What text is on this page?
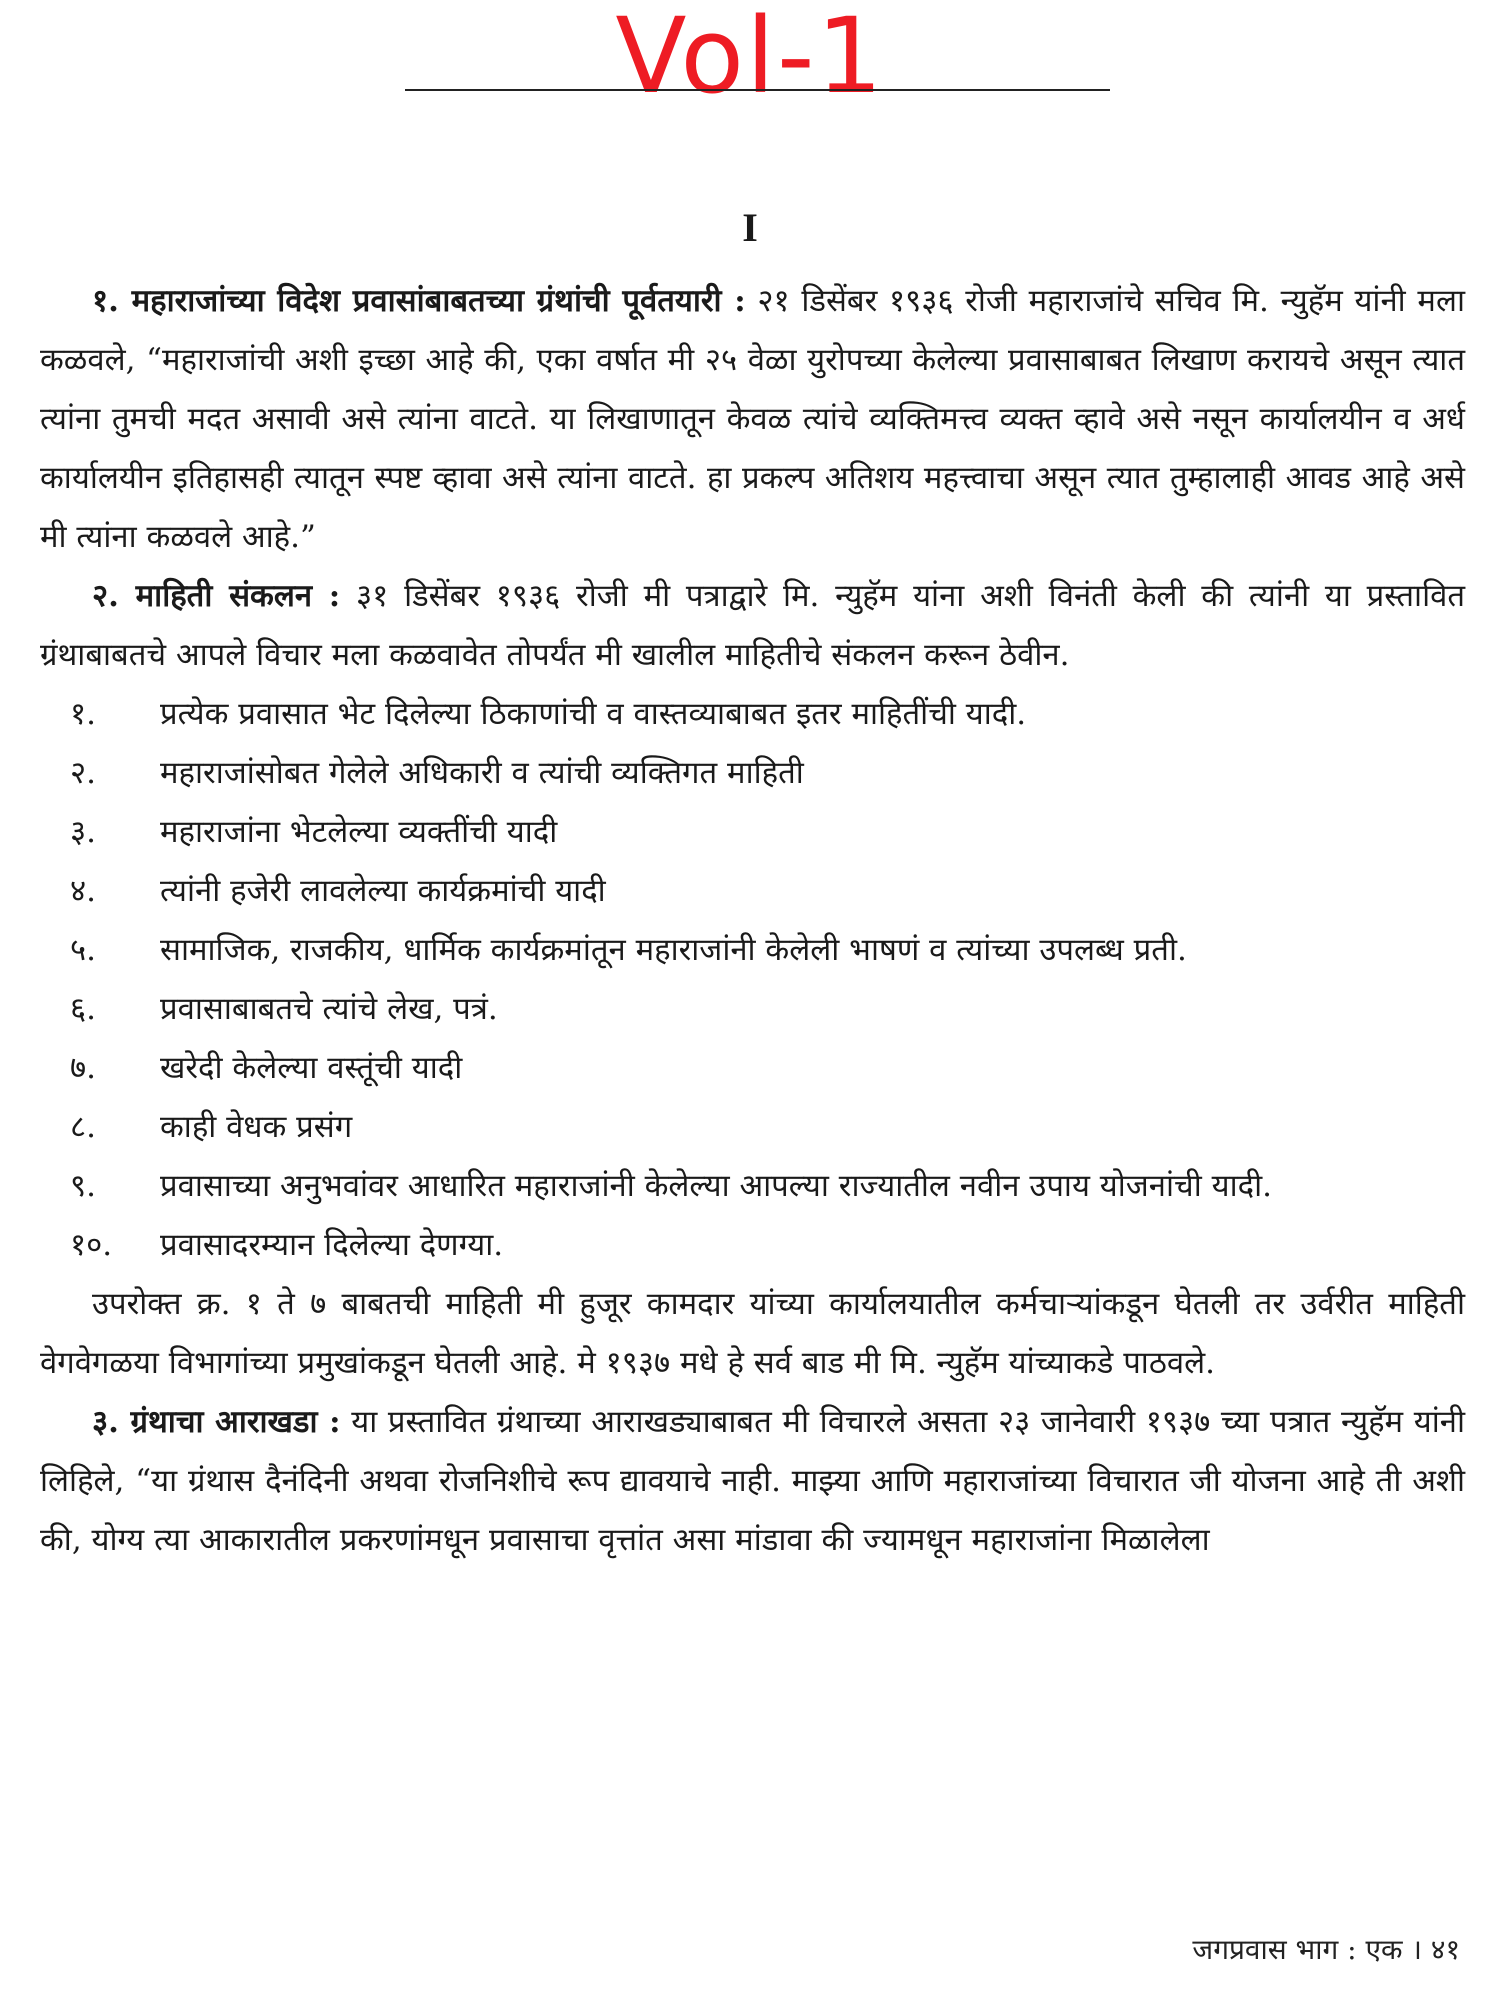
Vol-1
I

१. महाराजांच्या विदेश प्रवासांबाबतच्या ग्रंथांची पूर्वतयारी : २१ डिसेंबर १९३६ रोजी महाराजांचे सचिव मि. न्युहॅम यांनी मला कळवले, “महाराजांची अशी इच्छा आहे की, एका वर्षात मी २५ वेळा युरोपच्या केलेल्या प्रवासाबाबत लिखाण करायचे असून त्यात त्यांना तुमची मदत असावी असे त्यांना वाटते. या लिखाणातून केवळ त्यांचे व्यक्तिमत्त्व व्यक्त व्हावे असे नसून कार्यालयीन व अर्ध कार्यालयीन इतिहासही त्यातून स्पष्ट व्हावा असे त्यांना वाटते. हा प्रकल्प अतिशय महत्त्वाचा असून त्यात तुम्हालाही आवड आहे असे मी त्यांना कळवले आहे.”

२. माहिती संकलन : ३१ डिसेंबर १९३६ रोजी मी पत्राद्वारे मि. न्युहॅम यांना अशी विनंती केली की त्यांनी या प्रस्तावित ग्रंथाबाबतचे आपले विचार मला कळवावेत तोपर्यंत मी खालील माहितीचे संकलन करून ठेवीन.

१.	प्रत्येक प्रवासात भेट दिलेल्या ठिकाणांची व वास्तव्याबाबत इतर माहितींची यादी.
२.	महाराजांसोबत गेलेले अधिकारी व त्यांची व्यक्तिगत माहिती
३.	महाराजांना भेटलेल्या व्यक्तींची यादी
४.	त्यांनी हजेरी लावलेल्या कार्यक्रमांची यादी
५.	सामाजिक, राजकीय, धार्मिक कार्यक्रमांतून महाराजांनी केलेली भाषणं व त्यांच्या उपलब्ध प्रती.
६.	प्रवासाबाबतचे त्यांचे लेख, पत्रं.
७.	खरेदी केलेल्या वस्तूंची यादी
८.	काही वेधक प्रसंग
९.	प्रवासाच्या अनुभवांवर आधारित महाराजांनी केलेल्या आपल्या राज्यातील नवीन उपाय योजनांची यादी.
१०.	प्रवासादरम्यान दिलेल्या देणग्या.

उपरोक्त क्र. १ ते ७ बाबतची माहिती मी हुजूर कामदार यांच्या कार्यालयातील कर्मचाऱ्यांकडून घेतली तर उर्वरीत माहिती वेगवेगळया विभागांच्या प्रमुखांकडून घेतली आहे. मे १९३७ मधे हे सर्व बाड मी मि. न्युहॅम यांच्याकडे पाठवले.

३. ग्रंथाचा आराखडा : या प्रस्तावित ग्रंथाच्या आराखड्याबाबत मी विचारले असता २३ जानेवारी १९३७ च्या पत्रात न्युहॅम यांनी लिहिले, “या ग्रंथास दैनंदिनी अथवा रोजनिशीचे रूप द्यावयाचे नाही. माझ्या आणि महाराजांच्या विचारात जी योजना आहे ती अशी की, योग्य त्या आकारातील प्रकरणांमधून प्रवासाचा वृत्तांत असा मांडावा की ज्यामधून महाराजांना मिळालेला

जगप्रवास भाग : एक । ४१
